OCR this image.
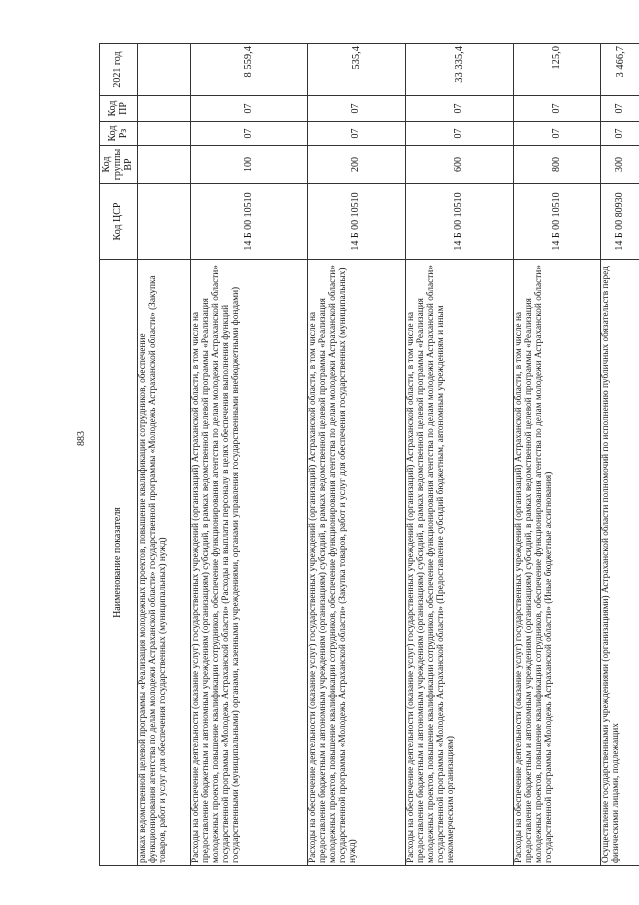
883
Наименование показателя	Код ЦСР	Код группы ВР	Код Рз	Код ПР	2021 год
рамках ведомственной целевой программы «Реализация молодежных проектов, повышение квалификации сотрудников, обеспечение функционирования агентства по делам молодежи Астраханской области» государственной программы «Молодежь Астраханской области» (Закупка товаров, работ и услуг для обеспечения государственных (муниципальных) нужд)					
Расходы на обеспечение деятельности (оказание услуг) государственных учреждений (организаций) Астраханской области, в том числе на предоставление бюджетным и автономным учреждениям (организациям) субсидий, в рамках ведомственной целевой программы «Реализация молодежных проектов, повышение квалификации сотрудников, обеспечение функционирования агентства по делам молодежи Астраханской области» государственной программы «Молодежь Астраханской области» (Расходы на выплаты персоналу в целях обеспечения выполнения функций государственными (муниципальными) органами, казенными учреждениями, органами управления государственными внебюджетными фондами)	14 Б 00 10510	100	07	07	8 559,4
Расходы на обеспечение деятельности (оказание услуг) государственных учреждений (организаций) Астраханской области, в том числе на предоставление бюджетным и автономным учреждениям (организациям) субсидий, в рамках ведомственной целевой программы «Реализация молодежных проектов, повышение квалификации сотрудников, обеспечение функционирования агентства по делам молодежи Астраханской области» государственной программы «Молодежь Астраханской области» (Закупка товаров, работ и услуг для обеспечения государственных (муниципальных) нужд)	14 Б 00 10510	200	07	07	535,4
Расходы на обеспечение деятельности (оказание услуг) государственных учреждений (организаций) Астраханской области, в том числе на предоставление бюджетным и автономным учреждениям (организациям) субсидий, в рамках ведомственной целевой программы «Реализация молодежных проектов, повышение квалификации сотрудников, обеспечение функционирования агентства по делам молодежи Астраханской области» государственной программы «Молодежь Астраханской области» (Предоставление субсидий бюджетным, автономным учреждениям и иным некоммерческим организациям)	14 Б 00 10510	600	07	07	33 335,4
Расходы на обеспечение деятельности (оказание услуг) государственных учреждений (организаций) Астраханской области, в том числе на предоставление бюджетным и автономным учреждениям (организациям) субсидий, в рамках ведомственной целевой программы «Реализация молодежных проектов, повышение квалификации сотрудников, обеспечение функционирования агентства по делам молодежи Астраханской области» государственной программы «Молодежь Астраханской области» (Иные бюджетные ассигнования)	14 Б 00 10510	800	07	07	125,0
Осуществление государственными учреждениями (организациями) Астраханской области полномочий по исполнению публичных обязательств перед физическими лицами, подлежащих	14 Б 00 80930	300	07	07	3 466,7
